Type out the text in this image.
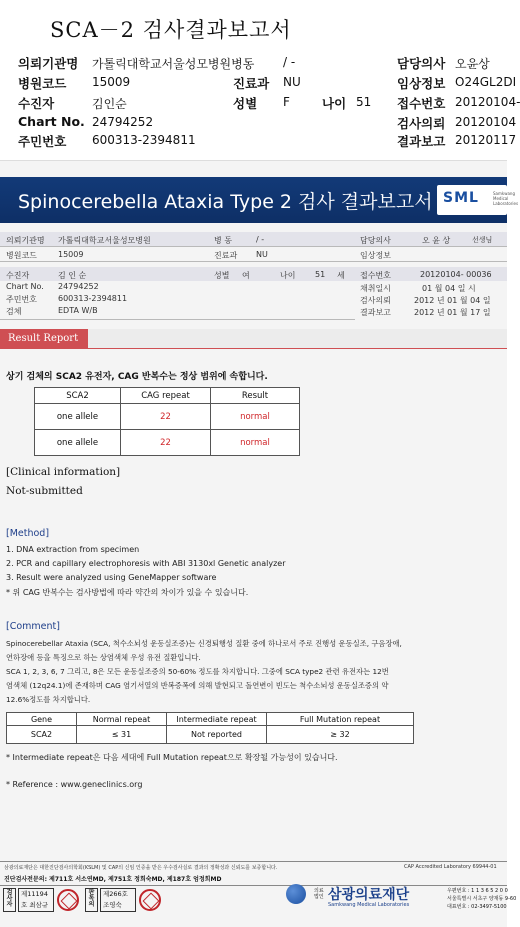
SCA－2 검사결과보고서
의뢰기관명 가톨릭대학교서울성모병원병동 / -	담당의사 오윤상
병원코드 15009	진료과 NU	임상정보 O24GL2DI
수진자	김인순	성별 F	나이 51 접수번호 20120104-
Chart No. 24794252	검사의뢰 20120104
주민번호 600313-2394811	결과보고 20120117
Spinocerebella Ataxia Type 2 검사 결과보고서 SML	Samkwang Medical Laboratories
의뢰기관명 가톨릭대학교서울성모병원	병 동	/ -	담당의사	오 윤 상	선생님
병원코드	15009	진료과 NU	임상정보
수진자	김 인 순	성별 여	나이 51 세
Chart No. 24794252
주민번호	600313-2394811
검체	EDTA W/B
접수번호	20120104- 00036
채취일시	01 월 04 일 시
검사의뢰	2012 년 01 월 04 일
결과보고	2012 년 01 월 17 일
Result Report
상기 검체의 SCA2 유전자, CAG 반복수는 정상 범위에 속합니다.
SCA2	CAG repeat	Result
one allele	22	normal
one allele	22	normal
[Clinical information]
Not-submitted
[Method]
1. DNA extraction from specimen
2. PCR and capillary electrophoresis with ABI 3130xl Genetic analyzer
3. Result were analyzed using GeneMapper software
* 위 CAG 반복수는 검사방법에 따라 약간의 차이가 있을 수 있습니다.
[Comment]
Spinocerebellar Ataxia (SCA, 척수소뇌성 운동실조증)는 신경퇴행성 질환 중에 하나로서 주로 진행성 운동실조, 구음장애,
연하장애 등을 특징으로 하는 상염색체 우성 유전 질환입니다.
SCA 1, 2, 3, 6, 7 그리고, 8은 모든 운동실조증의 50-60% 정도를 차지합니다. 그중에 SCA type2 관련 유전자는 12번
염색체 (12q24.1)에 존재하며 CAG 염기서열의 반복증폭에 의해 발현되고 돌연변이 빈도는 척수소뇌성 운동실조증의 약
12.6%정도를 차지합니다.
Gene	Normal repeat	Intermediate repeat	Full Mutation repeat
SCA2	≤ 31	Not reported	≥ 32
* Intermediate repeat은 다음 세대에 Full Mutation repeat으로 확장될 가능성이 있습니다.
* Reference : www.geneclinics.org
삼광의료재단은 대한진단검사의학회(KSLM) 및 CAP의 신임 인증을 받은 우수검사실로 결과의 정확성과 신뢰도를 보증합니다.	CAP Accredited Laboratory 69944-01
진단검사전문의: 제711호 서소연MD, 제751호 정희숙MD, 제187호 엄정희MD
검사자
제11194호 최삼규
판독의
제266호 조영숙
의료법인 삼광의료재단
Samkwang Medical Laboratories
우편번호 : 1 1 3 6 5 2 0 0
서울특별시 서초구 양재동 9-60
대표번호 : 02-3497-5100
